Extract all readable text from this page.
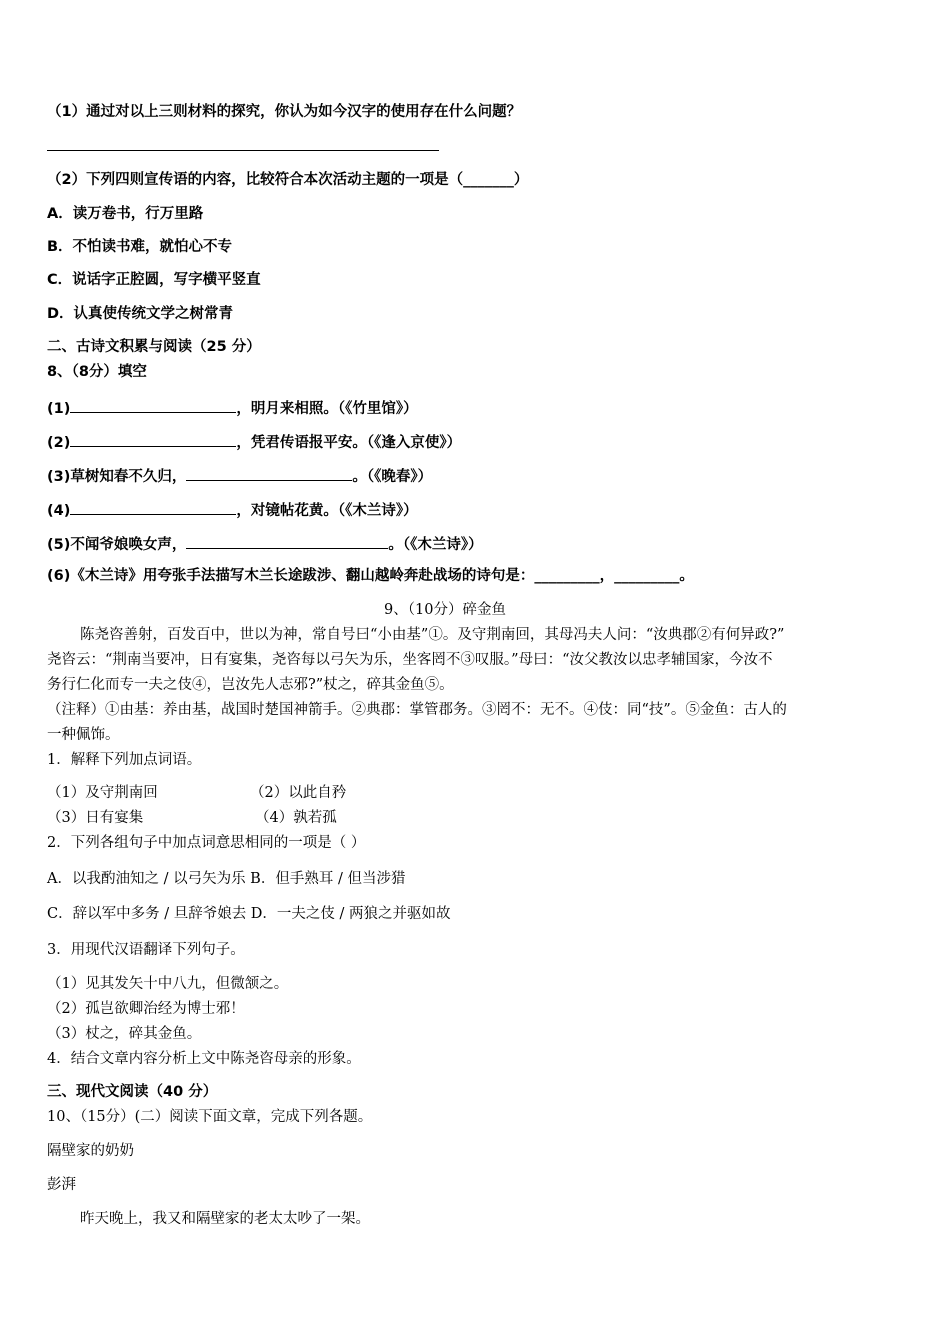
（1）通过对以上三则材料的探究，你认为如今汉字的使用存在什么问题？
（2）下列四则宣传语的内容，比较符合本次活动主题的一项是（_______）
A．读万卷书，行万里路
B．不怕读书难，就怕心不专
C．说话字正腔圆，写字横平竖直
D．认真使传统文学之树常青
二、古诗文积累与阅读（25 分）
8、（8分）填空
(1)	，明月来相照。（《竹里馆》）
(2)	，凭君传语报平安。（《逢入京使》）
(3)草树知春不久归，	。（《晚春》）
(4)	，对镜帖花黄。（《木兰诗》）
(5)不闻爷娘唤女声，	。（《木兰诗》）
(6)《木兰诗》用夸张手法描写木兰长途跋涉、翻山越岭奔赴战场的诗句是：_________，_________。
9、（10分）碎金鱼
陈尧咨善射，百发百中，世以为神，常自号曰“小由基”①。及守荆南回，其母冯夫人问：“汝典郡②有何异政?”
尧咨云：“荆南当要冲，日有宴集，尧咨每以弓矢为乐，坐客罔不③叹服。”母曰：“汝父教汝以忠孝辅国家，今汝不
务行仁化而专一夫之伎④，岂汝先人志邪?”杖之，碎其金鱼⑤。
（注释）①由基：养由基，战国时楚国神箭手。②典郡：掌管郡务。③罔不：无不。④伎：同“技”。⑤金鱼：古人的
一种佩饰。
1．解释下列加点词语。
（1）及守荆南回	（2）以此自矜
（3）日有宴集	（4）孰若孤
2．下列各组句子中加点词意思相同的一项是（ ）
A．以我酌油知之 / 以弓矢为乐 B．但手熟耳 / 但当涉猎
C．辞以军中多务 / 旦辞爷娘去 D．一夫之伎 / 两狼之并驱如故
3．用现代汉语翻译下列句子。
（1）见其发矢十中八九，但微颔之。
（2）孤岂欲卿治经为博士邪！
（3）杖之，碎其金鱼。
4．结合文章内容分析上文中陈尧咨母亲的形象。
三、现代文阅读（40 分）
10、（15分）(二）阅读下面文章，完成下列各题。
隔壁家的奶奶
彭湃
昨天晚上，我又和隔壁家的老太太吵了一架。
